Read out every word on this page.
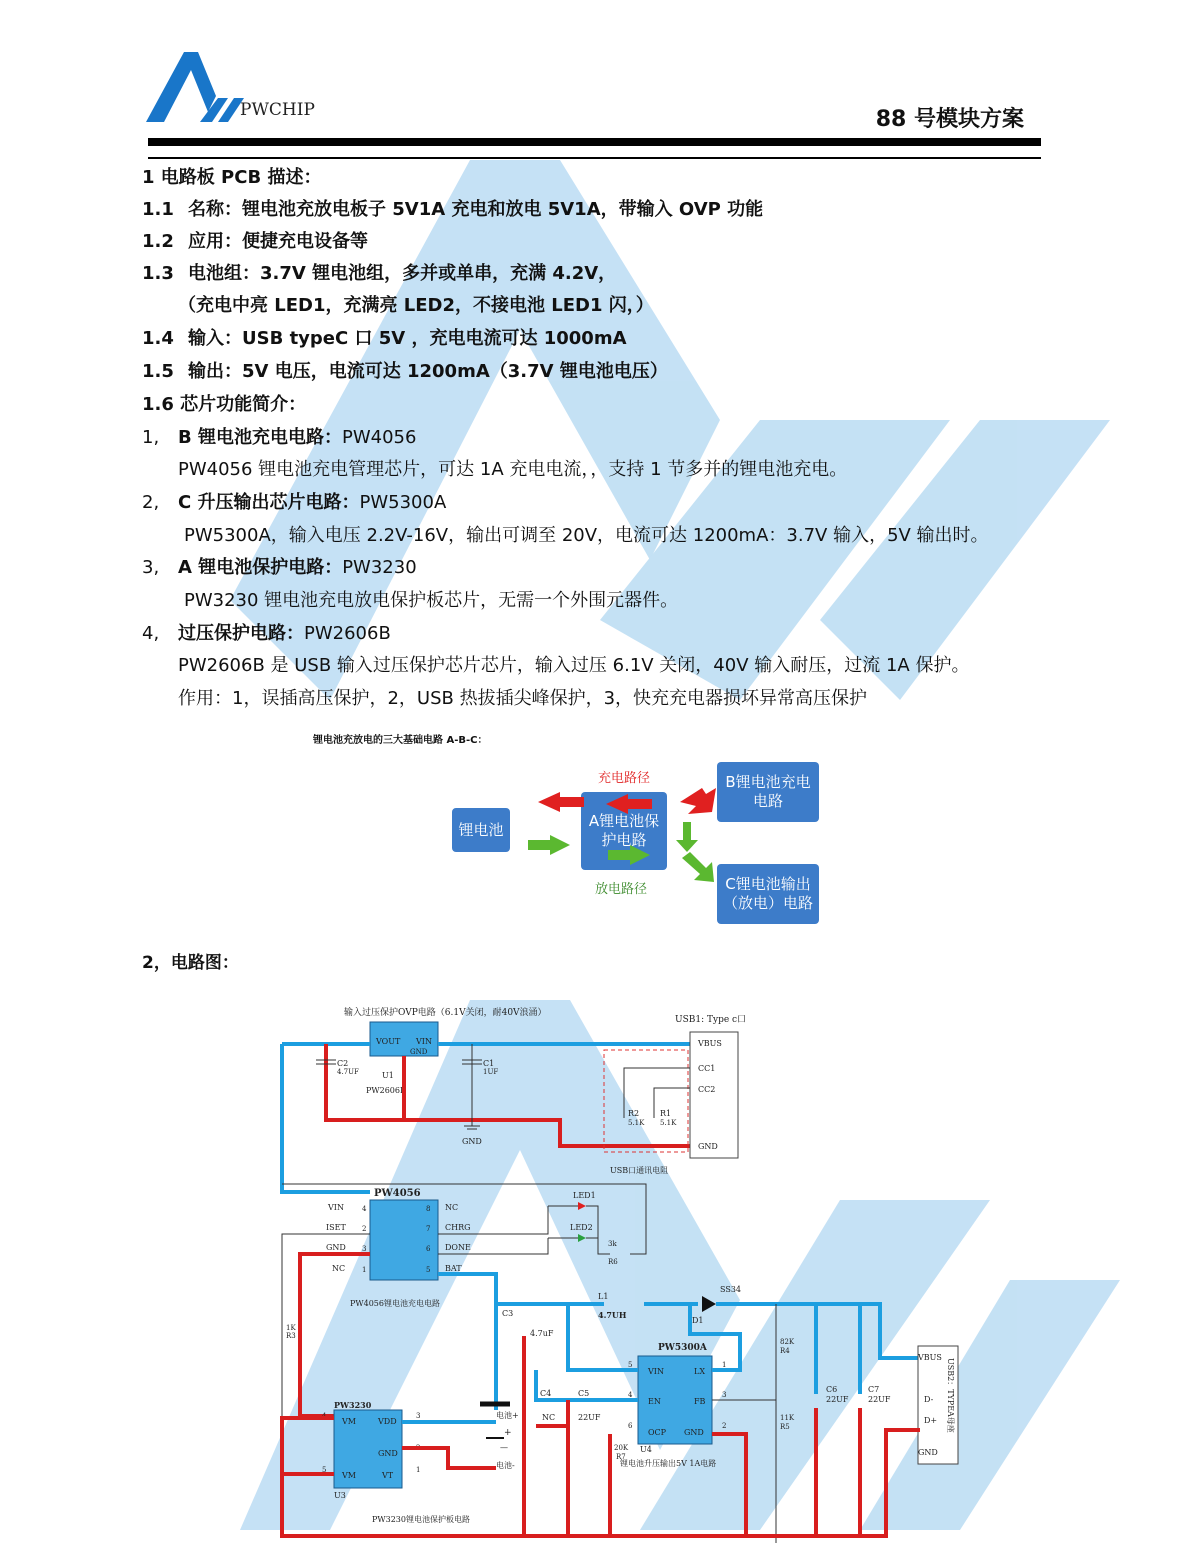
PWCHIP	88 号模块方案
1 电路板 PCB 描述：
1.1 名称：锂电池充放电板子 5V1A 充电和放电 5V1A，带输入 OVP 功能
1.2 应用：便捷充电设备等
1.3 电池组：3.7V 锂电池组，多并或单串，充满 4.2V，
（充电中亮 LED1，充满亮 LED2，不接电池 LED1 闪，）
1.4 输入：USB typeC 口 5V ，充电电流可达 1000mA
1.5 输出：5V 电压，电流可达 1200mA（3.7V 锂电池电压）
1.6 芯片功能简介：
1, B 锂电池充电电路：PW4056
PW4056 锂电池充电管理芯片，可达 1A 充电电流，，支持 1 节多并的锂电池充电。
2, C 升压输出芯片电路：PW5300A
PW5300A，输入电压 2.2V-16V，输出可调至 20V，电流可达 1200mA：3.7V 输入，5V 输出时。
3, A 锂电池保护电路：PW3230
PW3230 锂电池充电放电保护板芯片，无需一个外围元器件。
4, 过压保护电路：PW2606B
PW2606B 是 USB 输入过压保护芯片芯片，输入过压 6.1V 关闭，40V 输入耐压，过流 1A 保护。
作用：1，误插高压保护，2，USB 热拔插尖峰保护，3，快充充电器损坏异常高压保护
锂电池充放电的三大基础电路 A-B-C：
锂电池	A锂电池保护电路
B锂电池充电电路
C锂电池输出（放电）电路
充电路径
放电路径
2，电路图：
输入过压保护OVP电路（6.1V关闭，耐40V浪涌）
USB1: Type c口
VOUT VIN
GND
U1
PW2606B
C2
4.7UF
C1
1UF
GND
VBUS
CC1
CC2
GND
R2
5.1K
R1
5.1K
USB口通讯电阻
PW4056
VIN
ISET
GND
NC
4
2
3
1
NC
CHRG
DONE
BAT
8
7
6
5
PW4056锂电池充电电路
LED1
LED2
3k
R6
1K
R3
L1
4.7UH
SS34
D1
C3
4.7uF
PW5300A
VIN
EN
OCP
5
4
6
LX
FB
GND
1
3
2
U4
锂电池升压输出5V 1A电路
C4
NC
C5
22UF
82K
R4
11K
R5
20K
R7
C6
22UF
C7
22UF
VBUS
D-
D+
GND
USB2：TYPEA母座
PW3230
VM	VDD
GND
VM	VT
4	3
2
5	1
U3
PW3230锂电池保护板电路
电池+
+
—
电池-
